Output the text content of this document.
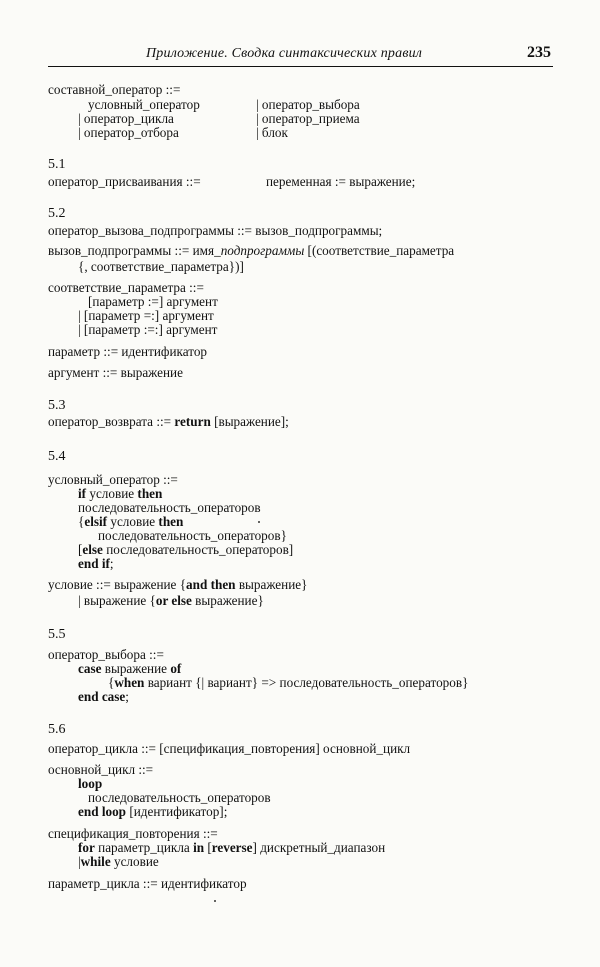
Приложение. Сводка синтаксических правил	235
составной_оператор ::=
условный_оператор	| оператор_выбора
| оператор_цикла	| оператор_приема
| оператор_отбора	| блок
5.1
оператор_присваивания ::=	переменная := выражение;
5.2
оператор_вызова_подпрограммы ::= вызов_подпрограммы;
вызов_подпрограммы ::= имя_подпрограммы [(соответствие_параметра
{, соответствие_параметра})]
соответствие_параметра ::=
[параметр :=] аргумент
| [параметр =:] аргумент
| [параметр :=:] аргумент
параметр ::= идентификатор
аргумент ::= выражение
5.3
оператор_возврата ::= return [выражение];
5.4
условный_оператор ::=
if условие then
последовательность_операторов
{elsif условие then
последовательность_операторов}
[else последовательность_операторов]
end if;
условие ::= выражение {and then выражение}
| выражение {or else выражение}
5.5
оператор_выбора ::=
case выражение of
{when вариант {| вариант} => последовательность_операторов}
end case;
5.6
оператор_цикла ::= [спецификация_повторения] основной_цикл
основной_цикл ::=
loop
последовательность_операторов
end loop [идентификатор];
спецификация_повторения ::=
for параметр_цикла in [reverse] дискретный_диапазон
|while условие
параметр_цикла ::= идентификатор
